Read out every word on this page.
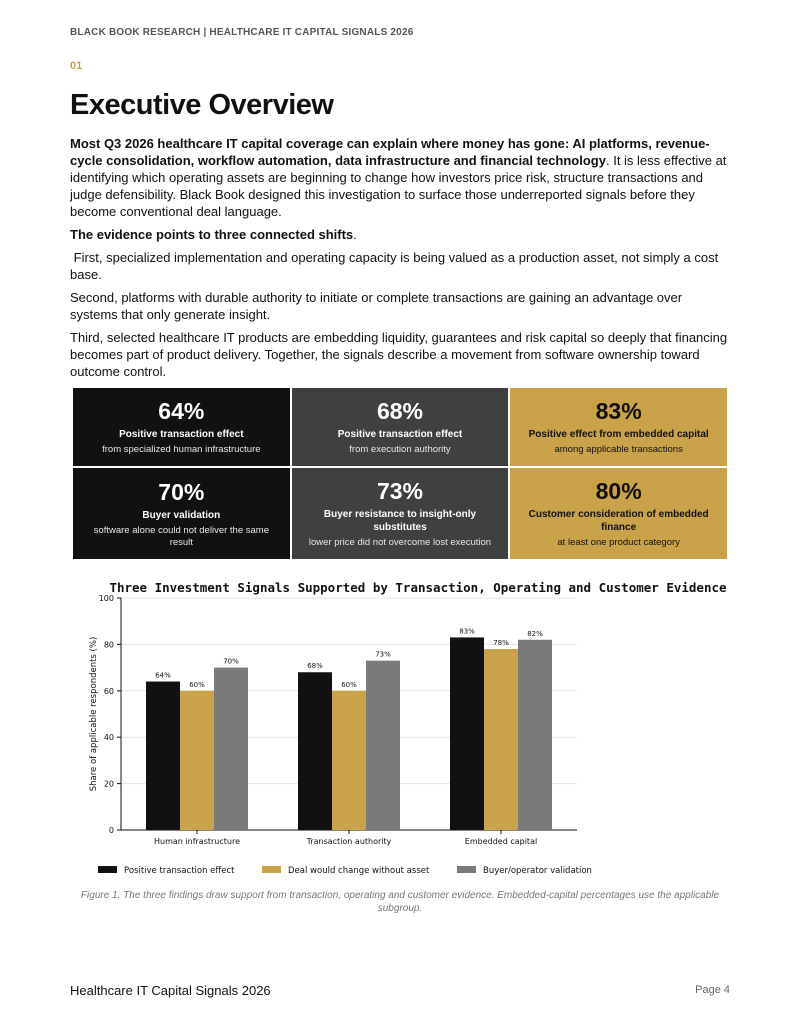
BLACK BOOK RESEARCH | HEALTHCARE IT CAPITAL SIGNALS 2026
01
Executive Overview

Most Q3 2026 healthcare IT capital coverage can explain where money has gone: AI platforms, revenue-cycle consolidation, workflow automation, data infrastructure and financial technology. It is less effective at identifying which operating assets are beginning to change how investors price risk, structure transactions and judge defensibility. Black Book designed this investigation to surface those underreported signals before they become conventional deal language.

The evidence points to three connected shifts.

First, specialized implementation and operating capacity is being valued as a production asset, not simply a cost base.

Second, platforms with durable authority to initiate or complete transactions are gaining an advantage over systems that only generate insight.

Third, selected healthcare IT products are embedding liquidity, guarantees and risk capital so deeply that financing becomes part of product delivery. Together, the signals describe a movement from software ownership toward outcome control.

64%
Positive transaction effect
from specialized human infrastructure
68%
Positive transaction effect
from execution authority
83%
Positive effect from embedded capital
among applicable transactions
70%
Buyer validation
software alone could not deliver the same result
73%
Buyer resistance to insight-only substitutes
lower price did not overcome lost execution
80%
Customer consideration of embedded finance
at least one product category
Three Investment Signals Supported by Transaction, Operating and Customer Evidence
0
20
40
60
80
100
Share of applicable respondents (%)	64%
60%
70%
Human infrastructure
68%
60%
73%
Transaction authority
83%
78%
82%
Embedded capital
Positive transaction effect	Deal would change without asset	Buyer/operator validation
Figure 1. The three findings draw support from transaction, operating and customer evidence. Embedded-capital percentages use the applicable subgroup.
Healthcare IT Capital Signals 2026	Page 4
